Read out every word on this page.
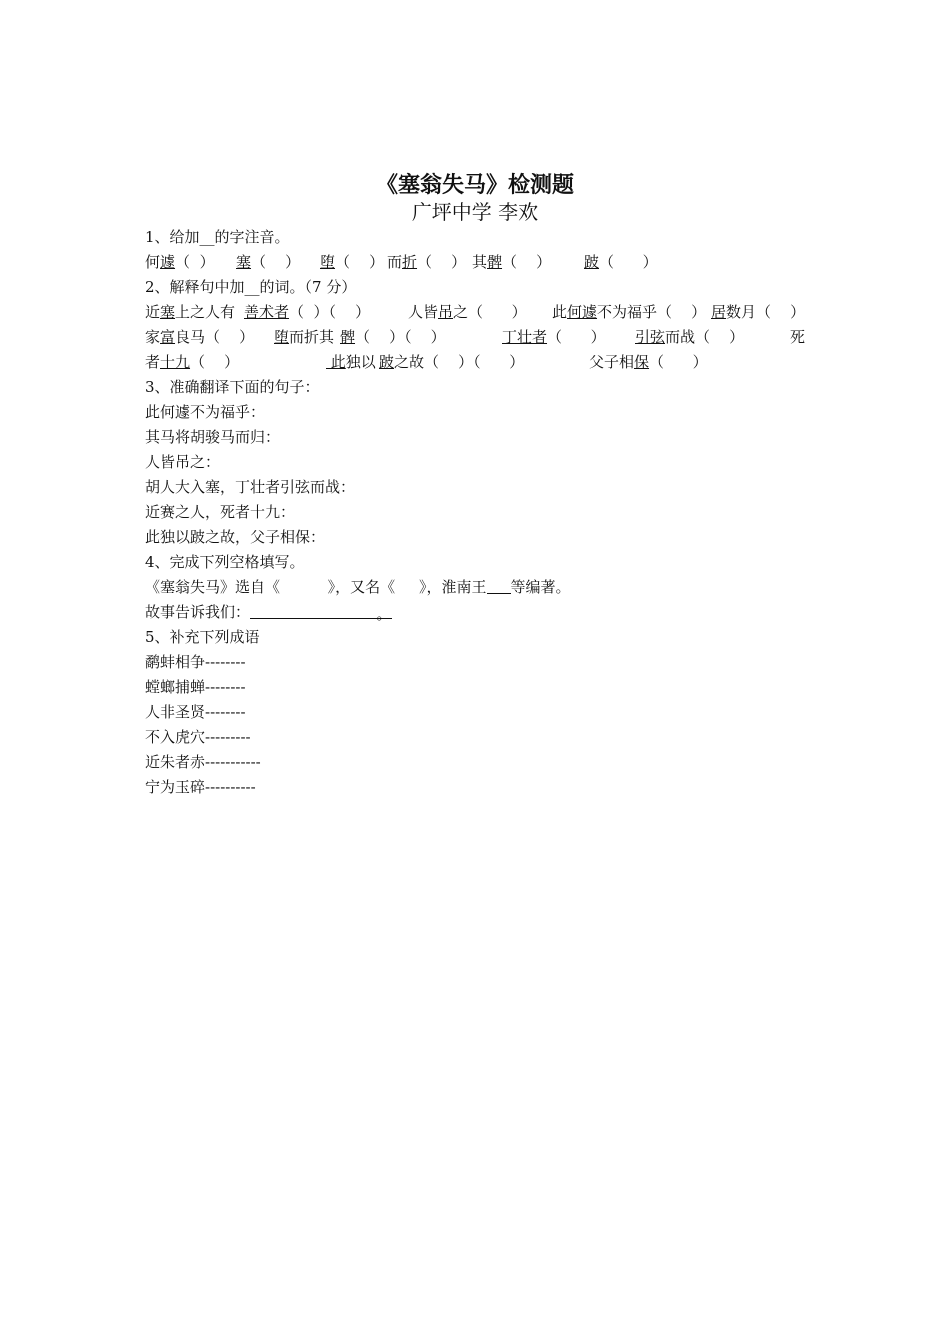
《塞翁失马》检测题
广坪中学 李欢
1、给加__的字注音。

何遽（  ）

塞（    ）

堕（    ）

而折（    ）

其髀（    ）

跛（      ）

2、解释句中加__的词。（7 分）

近塞上之人有

善术者（  ）（    ）

	人皆吊之（      ）

此何遽不为福乎（    ）

居数月（    ）

家富良马（    ）

堕而折其

髀（    ）（    ）

	丁壮者（      ）

引弦而战（    ）

	死

者十九（    ）

	此独以

跛之故（    ）（      ）

	父子相保（      ）

3、准确翻译下面的句子：
此何遽不为福乎：
其马将胡骏马而归：
人皆吊之：
胡人大入塞，丁壮者引弦而战：
近赛之人，死者十九：
此独以跛之故，父子相保：
4、完成下列空格填写。
《塞翁失马》选自《          》，又名《     》，淮南王 等编著。
故事告诉我们：	。
5、补充下列成语
鹬蚌相争--------
螳螂捕蝉--------
人非圣贤--------
不入虎穴---------
近朱者赤-----------
宁为玉碎----------
